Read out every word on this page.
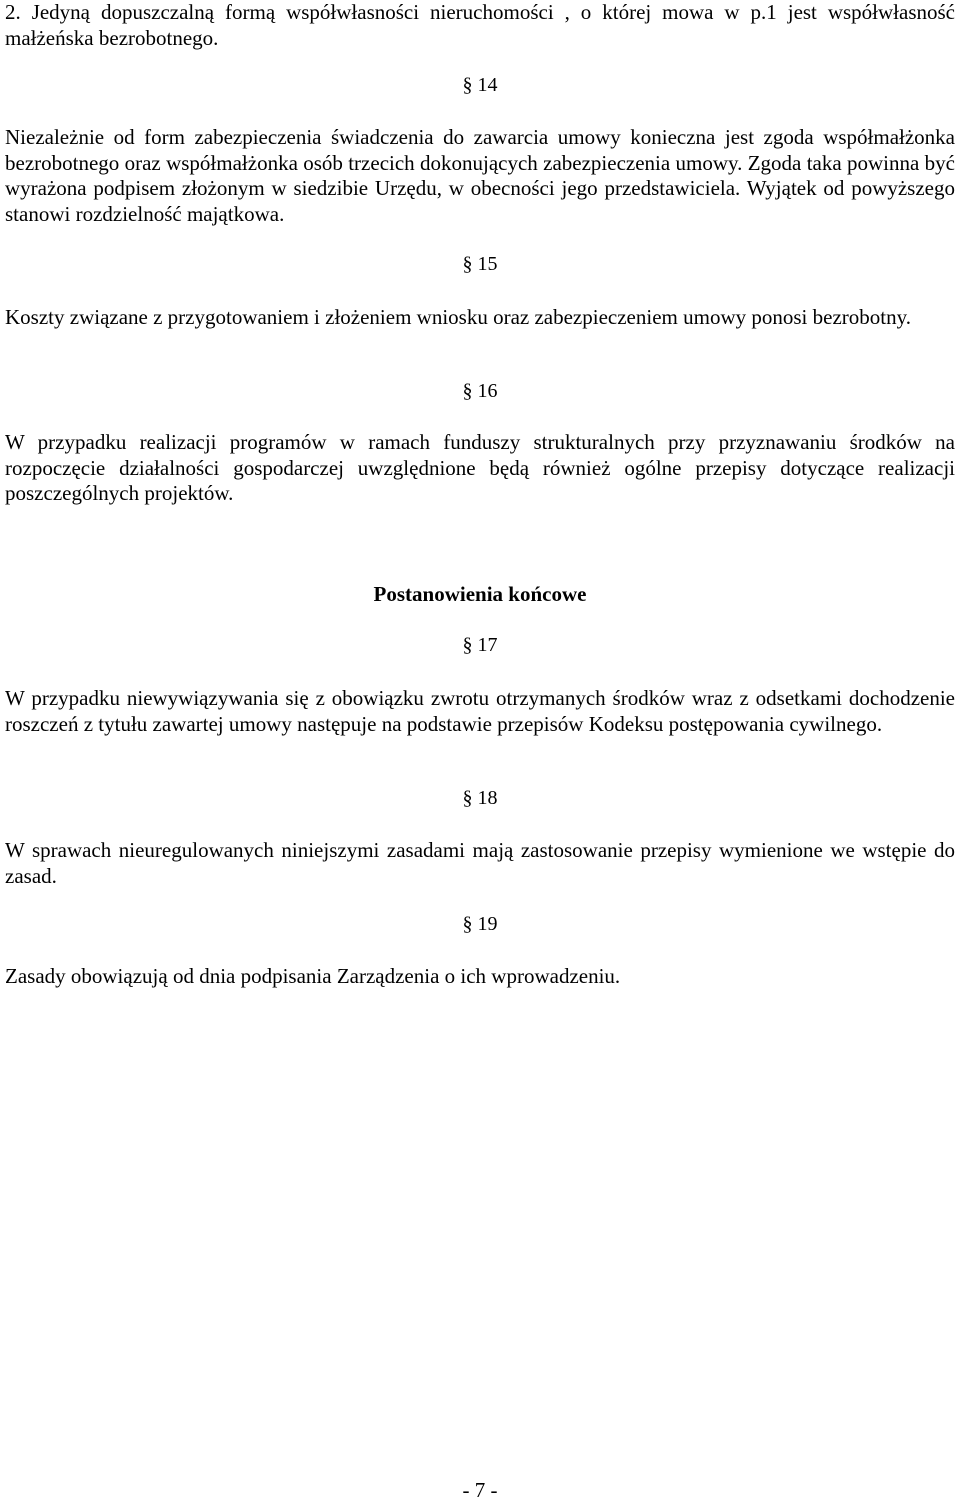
2. Jedyną dopuszczalną formą współwłasności nieruchomości , o której mowa w p.1 jest współwłasność małżeńska bezrobotnego.

§ 14

Niezależnie od form zabezpieczenia świadczenia do zawarcia umowy konieczna jest zgoda współmałżonka bezrobotnego oraz współmałżonka osób trzecich dokonujących zabezpieczenia umowy. Zgoda taka powinna być wyrażona podpisem złożonym w siedzibie Urzędu, w obecności jego przedstawiciela. Wyjątek od powyższego stanowi rozdzielność majątkowa.

§ 15

Koszty związane z przygotowaniem i złożeniem wniosku oraz zabezpieczeniem umowy ponosi bezrobotny.

§ 16

W przypadku realizacji programów w ramach funduszy strukturalnych przy przyznawaniu środków na rozpoczęcie działalności gospodarczej uwzględnione będą również ogólne przepisy dotyczące realizacji poszczególnych projektów.

Postanowienia końcowe
§ 17

W przypadku niewywiązywania się z obowiązku zwrotu otrzymanych środków wraz z odsetkami dochodzenie roszczeń z tytułu zawartej umowy następuje na podstawie przepisów Kodeksu postępowania cywilnego.

§ 18

W sprawach nieuregulowanych niniejszymi zasadami mają zastosowanie przepisy wymienione we wstępie do zasad.

§ 19

Zasady obowiązują od dnia podpisania Zarządzenia o ich wprowadzeniu.

- 7 -
